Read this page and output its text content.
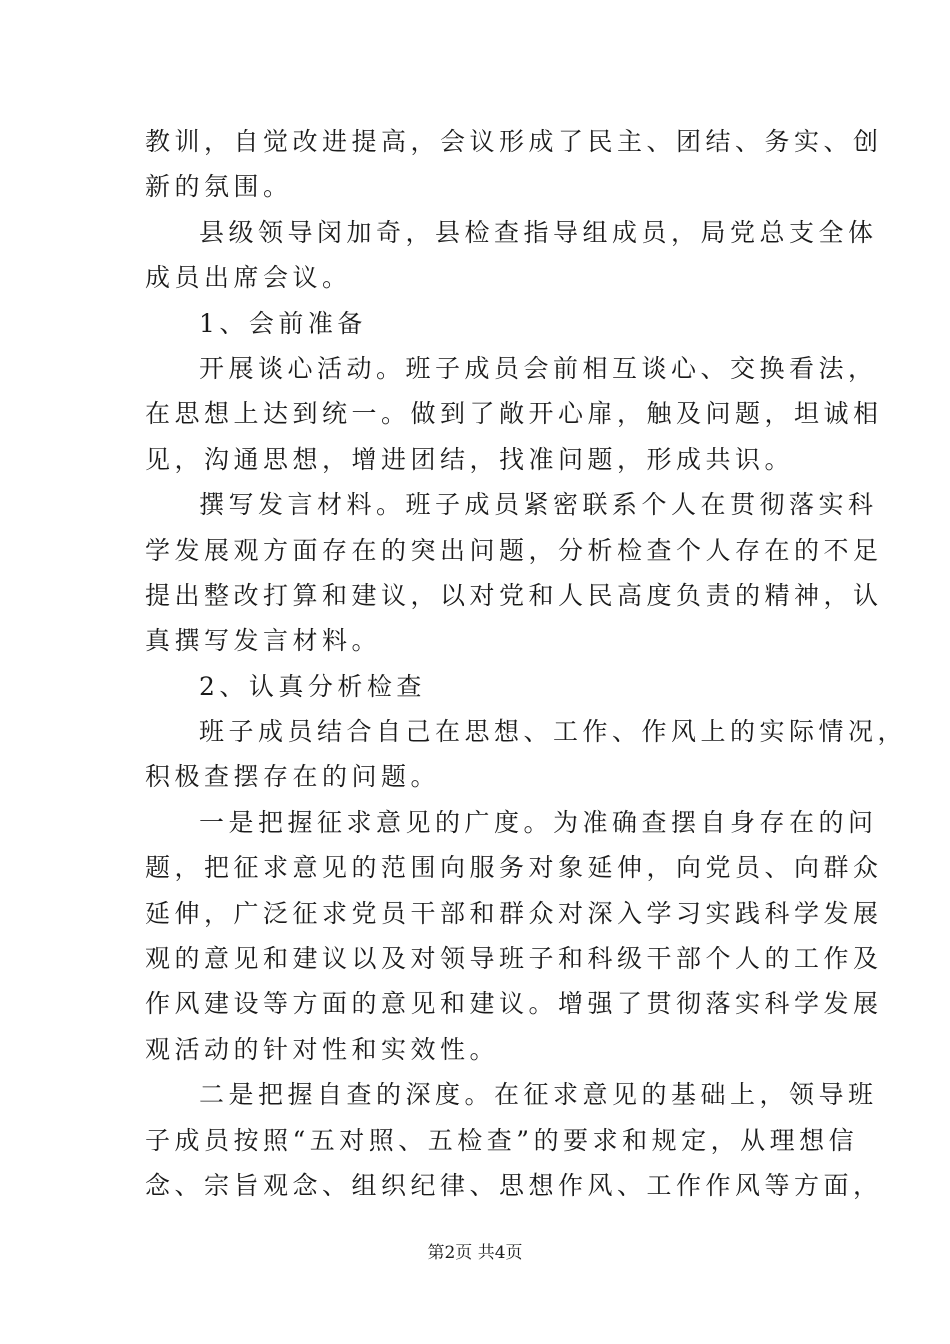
教训，自觉改进提高，会议形成了民主、团结、务实、创
新的氛围。
县级领导闵加奇，县检查指导组成员，局党总支全体
成员出席会议。
1、会前准备
开展谈心活动。班子成员会前相互谈心、交换看法，
在思想上达到统一。做到了敞开心扉，触及问题，坦诚相
见，沟通思想，增进团结，找准问题，形成共识。
撰写发言材料。班子成员紧密联系个人在贯彻落实科
学发展观方面存在的突出问题，分析检查个人存在的不足
提出整改打算和建议，以对党和人民高度负责的精神，认
真撰写发言材料。
2、认真分析检查
班子成员结合自己在思想、工作、作风上的实际情况，
积极查摆存在的问题。
一是把握征求意见的广度。为准确查摆自身存在的问
题，把征求意见的范围向服务对象延伸，向党员、向群众
延伸，广泛征求党员干部和群众对深入学习实践科学发展
观的意见和建议以及对领导班子和科级干部个人的工作及
作风建设等方面的意见和建议。增强了贯彻落实科学发展
观活动的针对性和实效性。
二是把握自查的深度。在征求意见的基础上，领导班
子成员按照“五对照、五检查”的要求和规定，从理想信
念、宗旨观念、组织纪律、思想作风、工作作风等方面，
第2页 共4页
